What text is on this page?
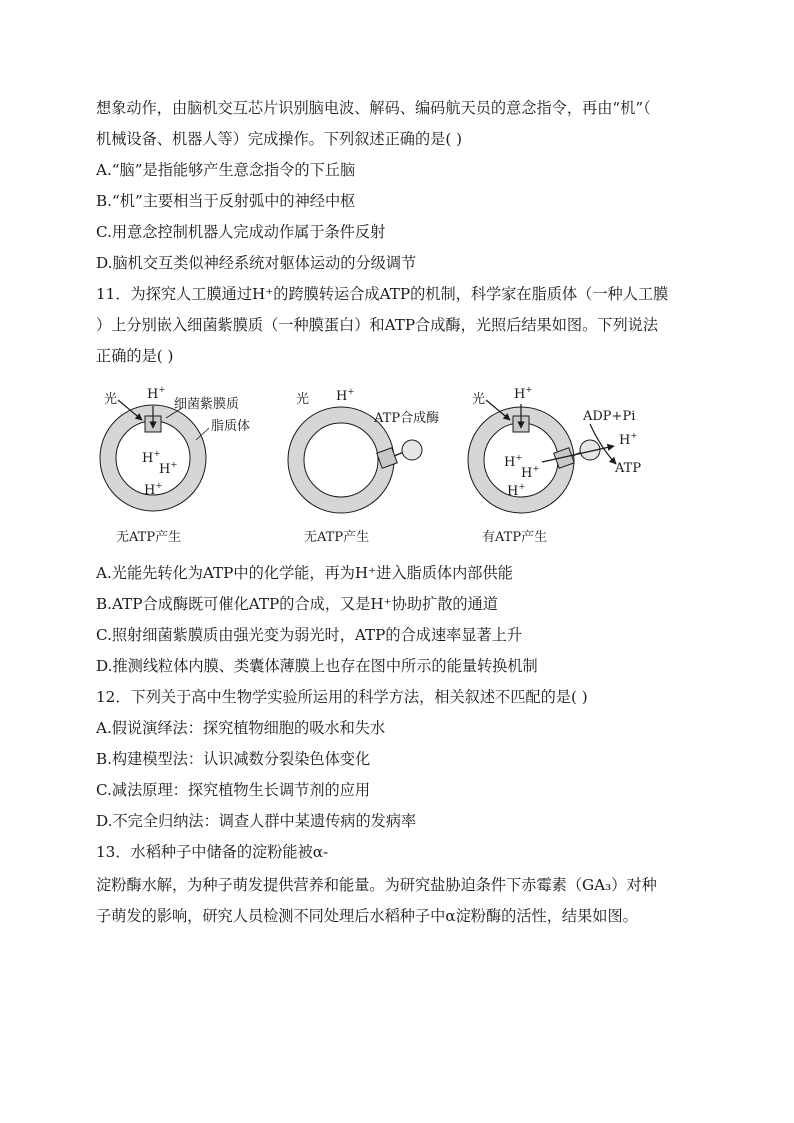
想象动作，由脑机交互芯片识别脑电波、解码、编码航天员的意念指令，再由“机”（
机械设备、机器人等）完成操作。下列叙述正确的是( )
A.“脑”是指能够产生意念指令的下丘脑
B.“机”主要相当于反射弧中的神经中枢
C.用意念控制机器人完成动作属于条件反射
D.脑机交互类似神经系统对躯体运动的分级调节
11．为探究人工膜通过H⁺的跨膜转运合成ATP的机制，科学家在脂质体（一种人工膜
）上分别嵌入细菌紫膜质（一种膜蛋白）和ATP合成酶，光照后结果如图。下列说法
正确的是( )
光 H+
细菌紫膜质
脂质体
H+
H+
H+
无ATP产生
光 H+
ATP合成酶
无ATP产生
光 H+
ADP+Pi
H+
ATP
H+
H+
H+
有ATP产生
A.光能先转化为ATP中的化学能，再为H⁺进入脂质体内部供能
B.ATP合成酶既可催化ATP的合成，又是H⁺协助扩散的通道
C.照射细菌紫膜质由强光变为弱光时，ATP的合成速率显著上升
D.推测线粒体内膜、类囊体薄膜上也存在图中所示的能量转换机制
12．下列关于高中生物学实验所运用的科学方法，相关叙述不匹配的是( )
A.假说演绎法：探究植物细胞的吸水和失水
B.构建模型法：认识减数分裂染色体变化
C.减法原理：探究植物生长调节剂的应用
D.不完全归纳法：调查人群中某遗传病的发病率
13．水稻种子中储备的淀粉能被α-
淀粉酶水解，为种子萌发提供营养和能量。为研究盐胁迫条件下赤霉素（GA₃）对种
子萌发的影响，研究人员检测不同处理后水稻种子中α淀粉酶的活性，结果如图。
